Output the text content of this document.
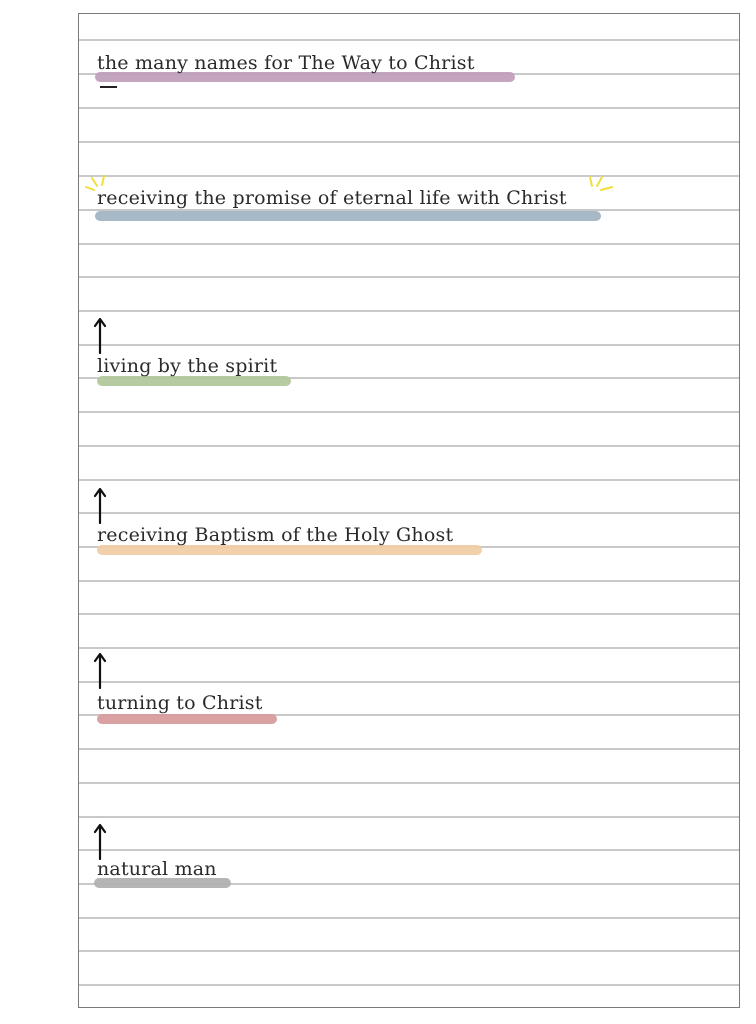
the many names for The Way to Christ
receiving the promise of eternal life with Christ
living by the spirit
receiving Baptism of the Holy Ghost
turning to Christ
natural man
